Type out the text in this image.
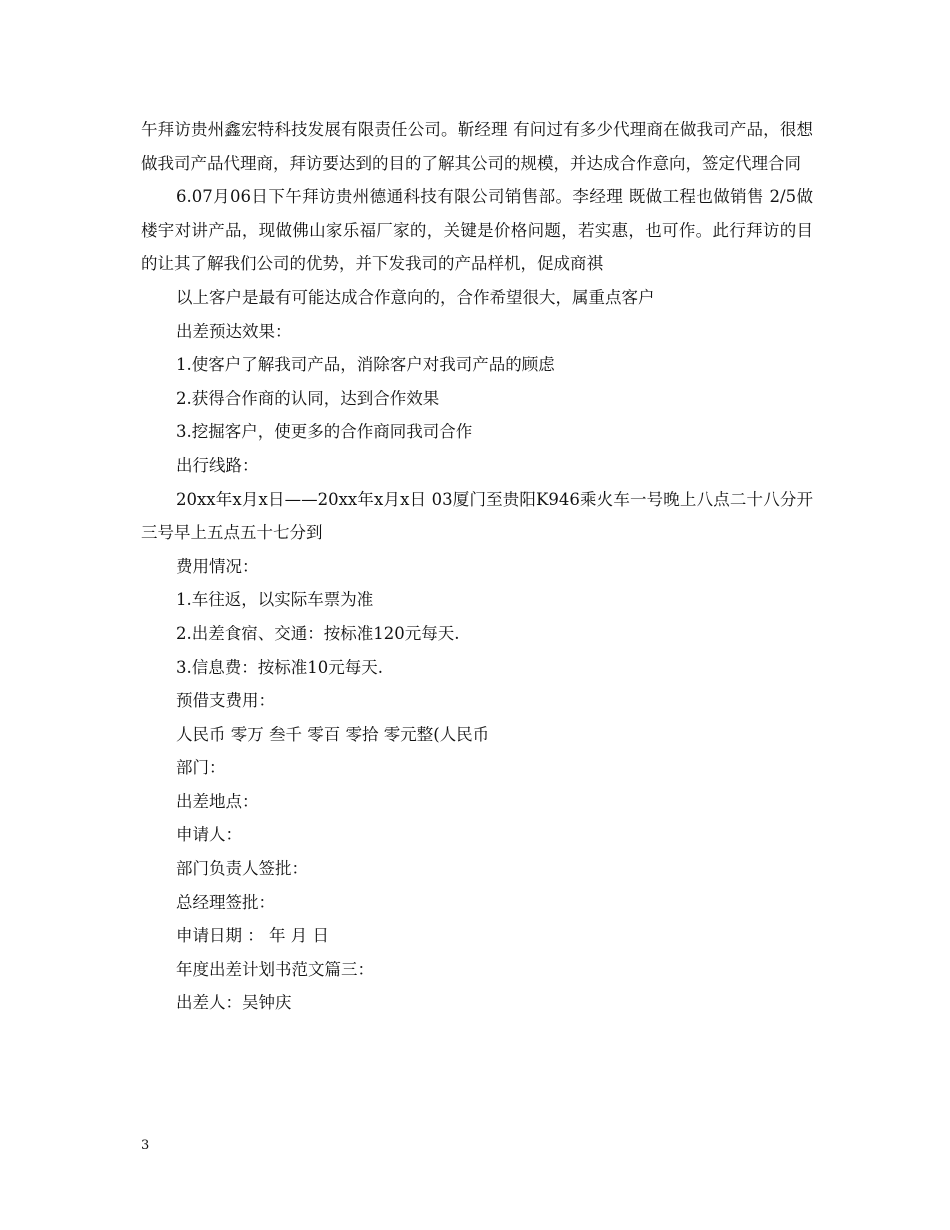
午拜访贵州鑫宏特科技发展有限责任公司。靳经理 有问过有多少代理商在做我司产品，很想做我司产品代理商，拜访要达到的目的了解其公司的规模，并达成合作意向，签定代理合同

6.07月06日下午拜访贵州德通科技有限公司销售部。李经理 既做工程也做销售 2/5做楼宇对讲产品，现做佛山家乐福厂家的，关键是价格问题，若实惠，也可作。此行拜访的目的让其了解我们公司的优势，并下发我司的产品样机，促成商祺

以上客户是最有可能达成合作意向的，合作希望很大，属重点客户

出差预达效果：

1.使客户了解我司产品，消除客户对我司产品的顾虑

2.获得合作商的认同，达到合作效果

3.挖掘客户，使更多的合作商同我司合作

出行线路：

20xx年x月x日——20xx年x月x日 03厦门至贵阳K946乘火车一号晚上八点二十八分开三号早上五点五十七分到

费用情况：

1.车往返，以实际车票为准

2.出差食宿、交通：按标准120元每天.

3.信息费：按标准10元每天.

预借支费用：

人民币 零万 叁千 零百 零拾 零元整(人民币

部门：

出差地点：

申请人：

部门负责人签批：

总经理签批：

申请日期 ： 年 月 日

年度出差计划书范文篇三：

出差人：吴钟庆

3
